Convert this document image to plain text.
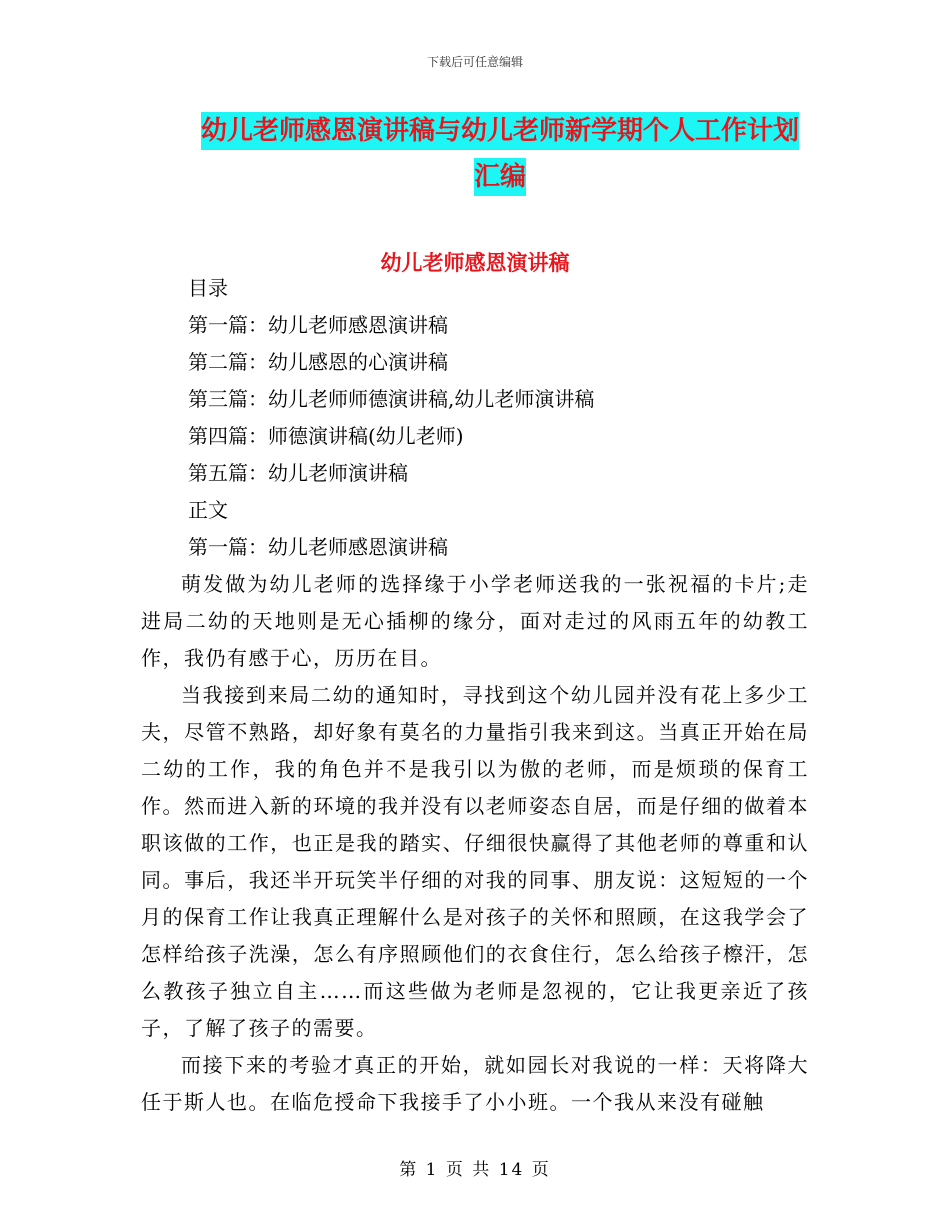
下载后可任意编辑
幼儿老师感恩演讲稿与幼儿老师新学期个人工作计划
汇编
幼儿老师感恩演讲稿
目录
第一篇：幼儿老师感恩演讲稿
第二篇：幼儿感恩的心演讲稿
第三篇：幼儿老师师德演讲稿,幼儿老师演讲稿
第四篇：师德演讲稿(幼儿老师)
第五篇：幼儿老师演讲稿
正文
第一篇：幼儿老师感恩演讲稿

萌发做为幼儿老师的选择缘于小学老师送我的一张祝福的卡片;走进局二幼的天地则是无心插柳的缘分，面对走过的风雨五年的幼教工作，我仍有感于心，历历在目。

当我接到来局二幼的通知时，寻找到这个幼儿园并没有花上多少工夫，尽管不熟路，却好象有莫名的力量指引我来到这。当真正开始在局二幼的工作，我的角色并不是我引以为傲的老师，而是烦琐的保育工作。然而进入新的环境的我并没有以老师姿态自居，而是仔细的做着本职该做的工作，也正是我的踏实、仔细很快赢得了其他老师的尊重和认同。事后，我还半开玩笑半仔细的对我的同事、朋友说：这短短的一个月的保育工作让我真正理解什么是对孩子的关怀和照顾，在这我学会了怎样给孩子洗澡，怎么有序照顾他们的衣食住行，怎么给孩子檫汗，怎么教孩子独立自主……而这些做为老师是忽视的，它让我更亲近了孩子，了解了孩子的需要。

而接下来的考验才真正的开始，就如园长对我说的一样：天将降大任于斯人也。在临危授命下我接手了小小班。一个我从来没有碰触

第 1 页 共 14 页
